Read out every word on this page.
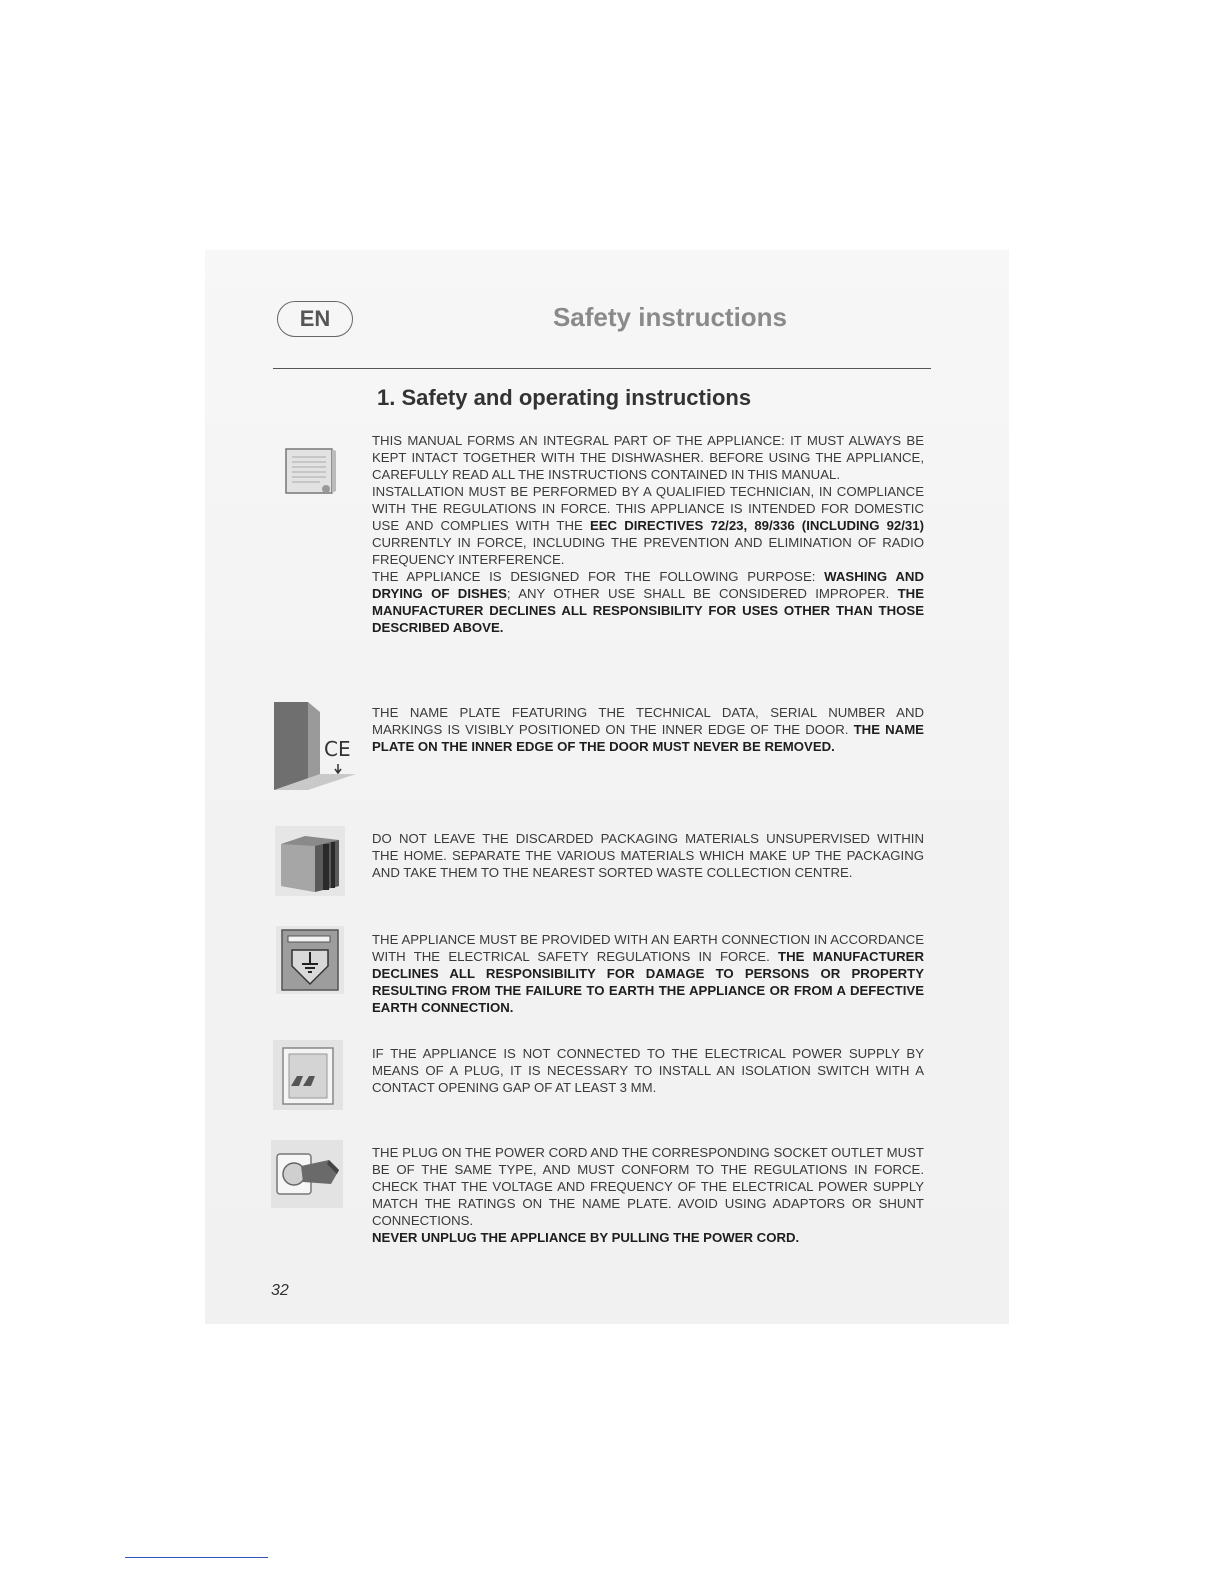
EN	Safety instructions
1. Safety and operating instructions
THIS MANUAL FORMS AN INTEGRAL PART OF THE APPLIANCE: IT MUST ALWAYS BE KEPT INTACT TOGETHER WITH THE DISHWASHER. BEFORE USING THE APPLIANCE, CAREFULLY READ ALL THE INSTRUCTIONS CONTAINED IN THIS MANUAL.
INSTALLATION MUST BE PERFORMED BY A QUALIFIED TECHNICIAN, IN COMPLIANCE WITH THE REGULATIONS IN FORCE. THIS APPLIANCE IS INTENDED FOR DOMESTIC USE AND COMPLIES WITH THE EEC DIRECTIVES 72/23, 89/336 (INCLUDING 92/31) CURRENTLY IN FORCE, INCLUDING THE PREVENTION AND ELIMINATION OF RADIO FREQUENCY INTERFERENCE.
THE APPLIANCE IS DESIGNED FOR THE FOLLOWING PURPOSE: WASHING AND DRYING OF DISHES; ANY OTHER USE SHALL BE CONSIDERED IMPROPER. THE MANUFACTURER DECLINES ALL RESPONSIBILITY FOR USES OTHER THAN THOSE DESCRIBED ABOVE.
CE
THE NAME PLATE FEATURING THE TECHNICAL DATA, SERIAL NUMBER AND MARKINGS IS VISIBLY POSITIONED ON THE INNER EDGE OF THE DOOR. THE NAME PLATE ON THE INNER EDGE OF THE DOOR MUST NEVER BE REMOVED.
DO NOT LEAVE THE DISCARDED PACKAGING MATERIALS UNSUPERVISED WITHIN THE HOME. SEPARATE THE VARIOUS MATERIALS WHICH MAKE UP THE PACKAGING AND TAKE THEM TO THE NEAREST SORTED WASTE COLLECTION CENTRE.
THE APPLIANCE MUST BE PROVIDED WITH AN EARTH CONNECTION IN ACCORDANCE WITH THE ELECTRICAL SAFETY REGULATIONS IN FORCE. THE MANUFACTURER DECLINES ALL RESPONSIBILITY FOR DAMAGE TO PERSONS OR PROPERTY RESULTING FROM THE FAILURE TO EARTH THE APPLIANCE OR FROM A DEFECTIVE EARTH CONNECTION.
IF THE APPLIANCE IS NOT CONNECTED TO THE ELECTRICAL POWER SUPPLY BY MEANS OF A PLUG, IT IS NECESSARY TO INSTALL AN ISOLATION SWITCH WITH A CONTACT OPENING GAP OF AT LEAST 3 MM.
THE PLUG ON THE POWER CORD AND THE CORRESPONDING SOCKET OUTLET MUST BE OF THE SAME TYPE, AND MUST CONFORM TO THE REGULATIONS IN FORCE. CHECK THAT THE VOLTAGE AND FREQUENCY OF THE ELECTRICAL POWER SUPPLY MATCH THE RATINGS ON THE NAME PLATE. AVOID USING ADAPTORS OR SHUNT CONNECTIONS.
NEVER UNPLUG THE APPLIANCE BY PULLING THE POWER CORD.
32
